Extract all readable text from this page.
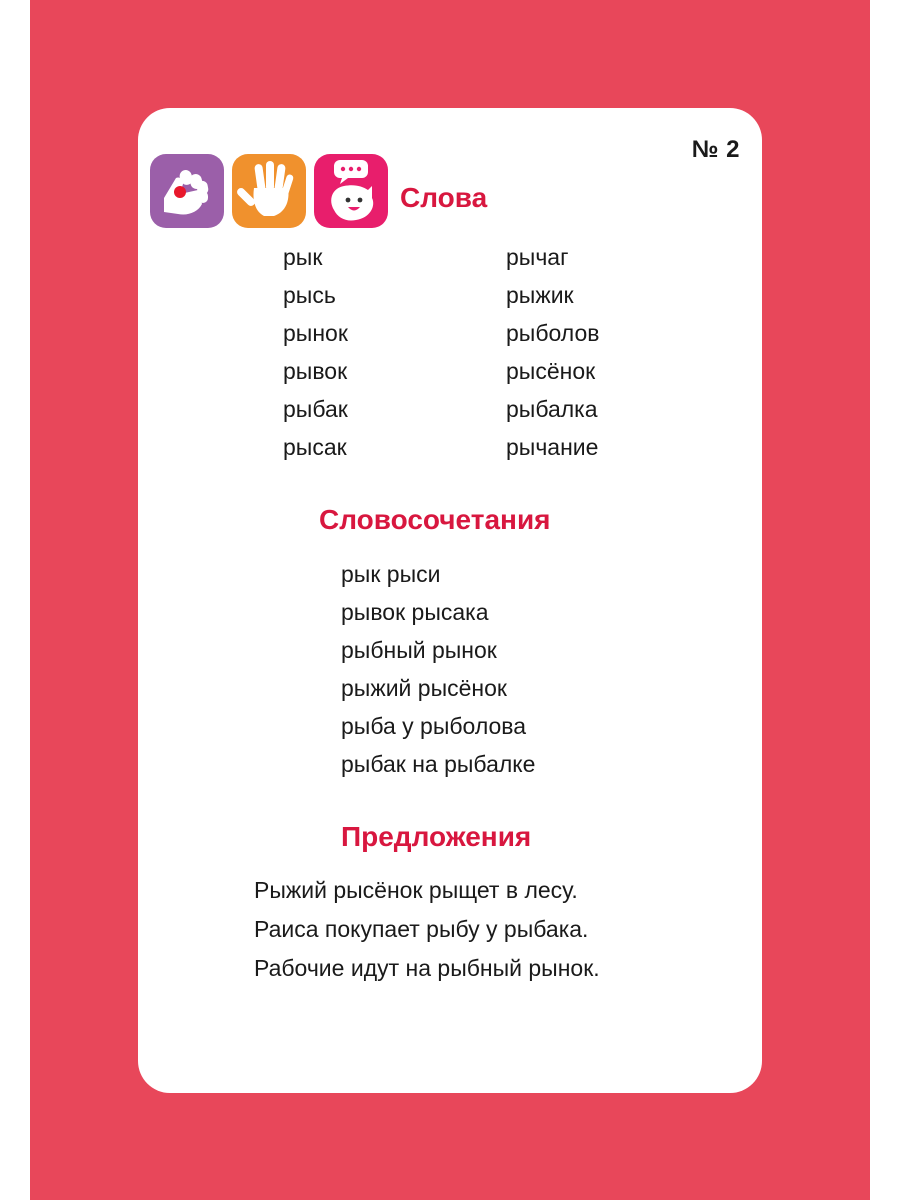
№ 2
Слова
рык
рысь
рынок
рывок
рыбак
рысак
рычаг
рыжик
рыболов
рысёнок
рыбалка
рычание
Словосочетания
рык рыси
рывок рысака
рыбный рынок
рыжий рысёнок
рыба у рыболова
рыбак на рыбалке
Предложения
Рыжий рысёнок рыщет в лесу.
Раиса покупает рыбу у рыбака.
Рабочие идут на рыбный рынок.
